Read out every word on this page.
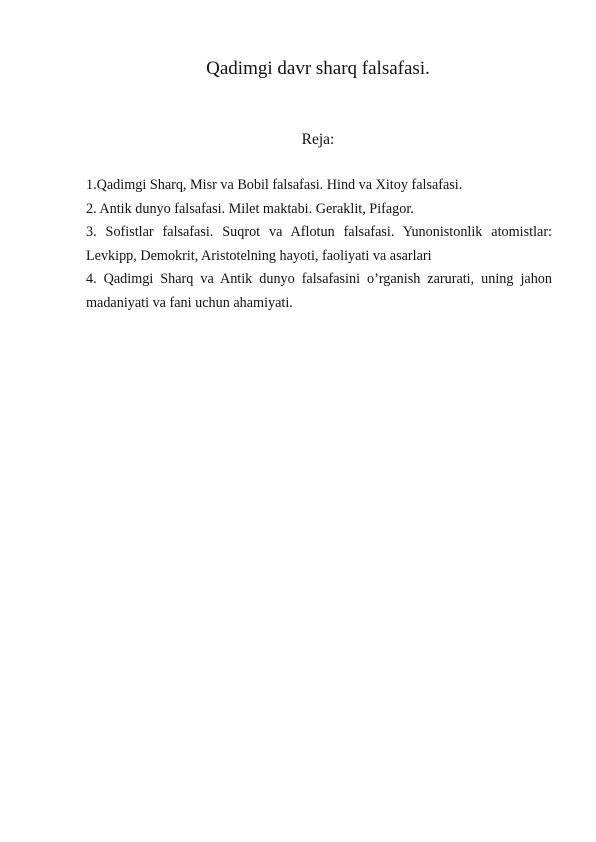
Qadimgi davr sharq falsafasi.
Reja:
1.Qadimgi Sharq, Misr va Bobil falsafasi. Hind va Xitoy falsafasi.
2. Antik dunyo falsafasi. Milet maktabi. Geraklit, Pifagor.
3. Sofistlar falsafasi. Suqrot va Aflotun falsafasi. Yunonistonlik atomistlar: Levkipp, Demokrit, Aristotelning hayoti, faoliyati va asarlari
4. Qadimgi Sharq va Antik dunyo falsafasini o’rganish zarurati, uning jahon madaniyati va fani uchun ahamiyati.
